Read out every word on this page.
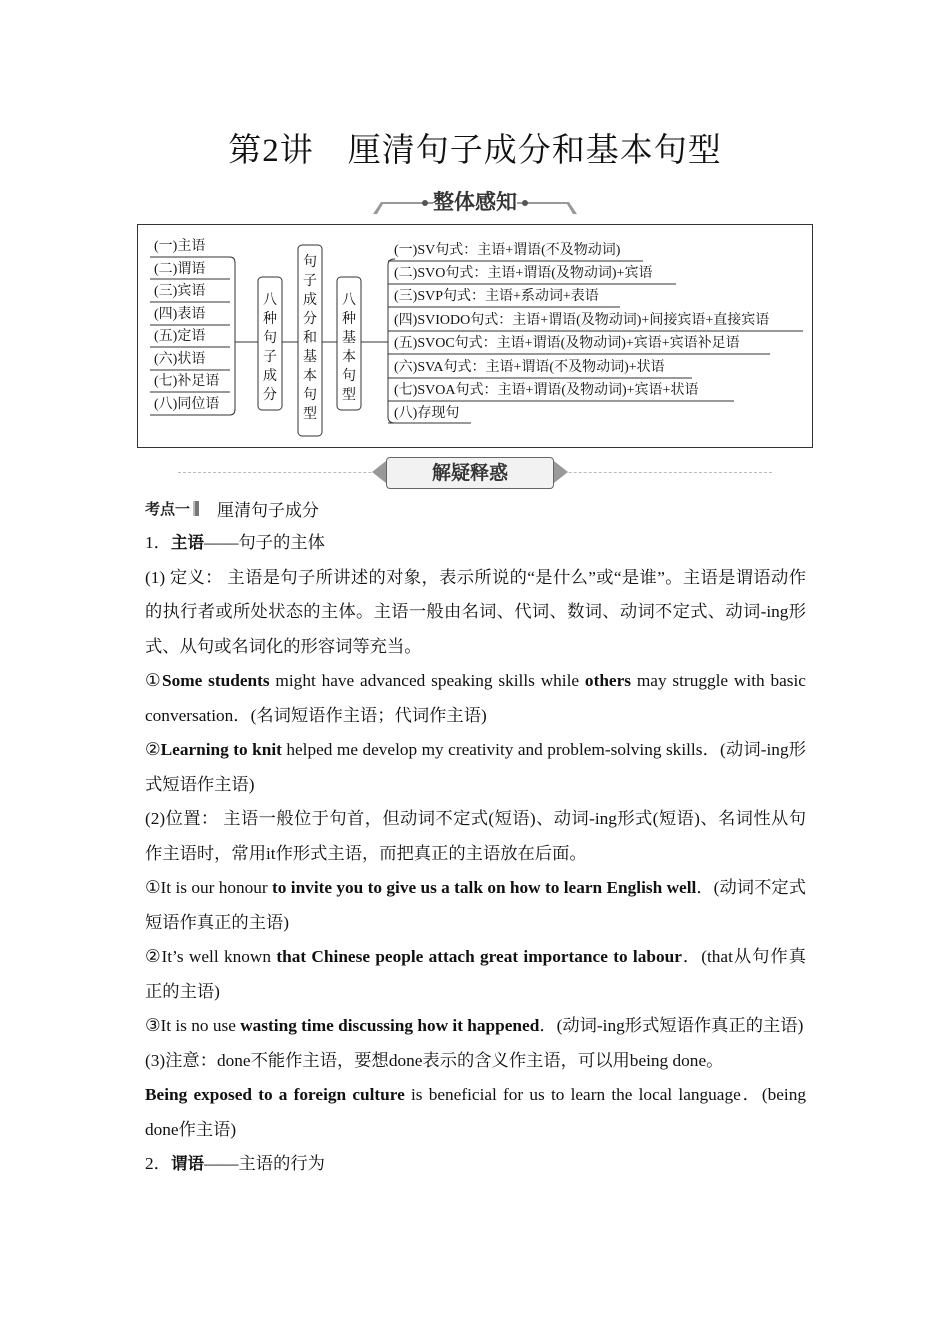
第2讲　厘清句子成分和基本句型
整体感知
(一)主语
(二)谓语
(三)宾语
(四)表语
(五)定语
(六)状语
(七)补足语
(八)同位语
八
种
句
子
成
分
句
子
成
分
和
基
本
句
型
八
种
基
本
句
型
(一)SV句式：主语+谓语(不及物动词)
(二)SVO句式：主语+谓语(及物动词)+宾语
(三)SVP句式：主语+系动词+表语
(四)SVIODO句式：主语+谓语(及物动词)+间接宾语+直接宾语
(五)SVOC句式：主语+谓语(及物动词)+宾语+宾语补足语
(六)SVA句式：主语+谓语(不及物动词)+状语
(七)SVOA句式：主语+谓语(及物动词)+宾语+状语
(八)存现句
解疑释惑
考点一 厘清句子成分

1．主语——句子的主体

(1) 定义： 主语是句子所讲述的对象，表示所说的“是什么”或“是谁”。主语是谓语动作的执行者或所处状态的主体。主语一般由名词、代词、数词、动词不定式、动词-ing形式、从句或名词化的形容词等充当。

①Some students might have advanced speaking skills while others may struggle with basic conversation．(名词短语作主语；代词作主语)

②Learning to knit helped me develop my creativity and problem-solving skills．(动词-ing形式短语作主语)

(2)位置： 主语一般位于句首，但动词不定式(短语)、动词-ing形式(短语)、名词性从句作主语时，常用it作形式主语，而把真正的主语放在后面。

①It is our honour to invite you to give us a talk on how to learn English well．(动词不定式短语作真正的主语)

②It’s well known that Chinese people attach great importance to labour．(that从句作真正的主语)

③It is no use wasting time discussing how it happened．(动词-ing形式短语作真正的主语)

(3)注意：done不能作主语，要想done表示的含义作主语，可以用being done。

Being exposed to a foreign culture is beneficial for us to learn the local language．(being done作主语)

2．谓语——主语的行为
